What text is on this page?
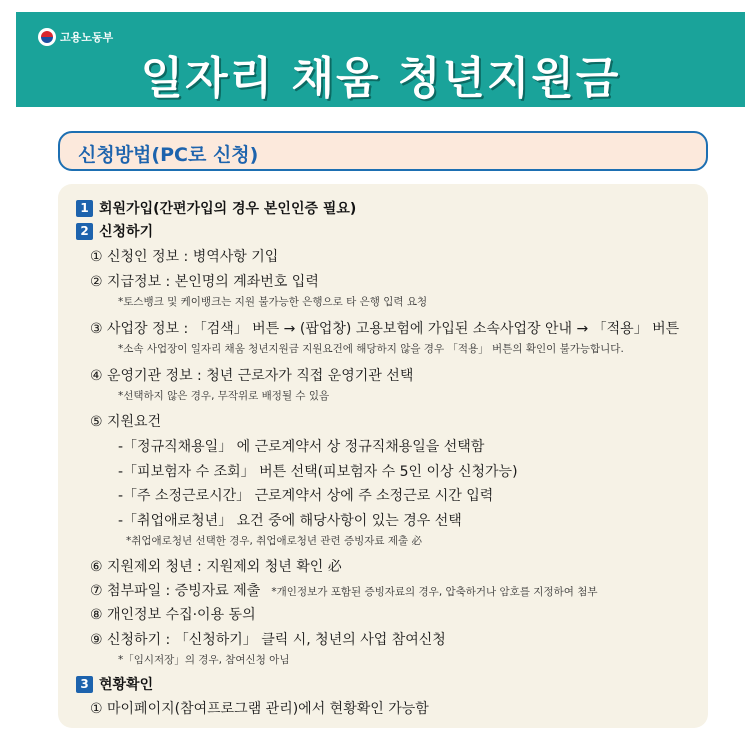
고용노동부
일자리 채움 청년지원금
신청방법(PC로 신청)
1 회원가입(간편가입의 경우 본인인증 필요)
2 신청하기
① 신청인 정보 : 병역사항 기입
② 지급정보 : 본인명의 계좌번호 입력
*토스뱅크 및 케이뱅크는 지원 불가능한 은행으로 타 은행 입력 요청
③ 사업장 정보 : 「검색」 버튼 → (팝업창) 고용보험에 가입된 소속사업장 안내 → 「적용」 버튼
*소속 사업장이 일자리 채움 청년지원금 지원요건에 해당하지 않을 경우 「적용」 버튼의 확인이 불가능합니다.
④ 운영기관 정보 : 청년 근로자가 직접 운영기관 선택
*선택하지 않은 경우, 무작위로 배정될 수 있음
⑤ 지원요건
-「정규직채용일」 에 근로계약서 상 정규직채용일을 선택함
-「피보험자 수 조회」 버튼 선택(피보험자 수 5인 이상 신청가능)
-「주 소정근로시간」 근로계약서 상에 주 소정근로 시간 입력
-「취업애로청년」 요건 중에 해당사항이 있는 경우 선택
*취업애로청년 선택한 경우, 취업애로청년 관련 증빙자료 제출 必
⑥ 지원제외 청년 : 지원제외 청년 확인 必
⑦ 첨부파일 : 증빙자료 제출 *개인정보가 포함된 증빙자료의 경우, 압축하거나 암호를 지정하여 첨부
⑧ 개인정보 수집·이용 동의
⑨ 신청하기 : 「신청하기」 클릭 시, 청년의 사업 참여신청
*「임시저장」의 경우, 참여신청 아님
3 현황확인
① 마이페이지(참여프로그램 관리)에서 현황확인 가능함
